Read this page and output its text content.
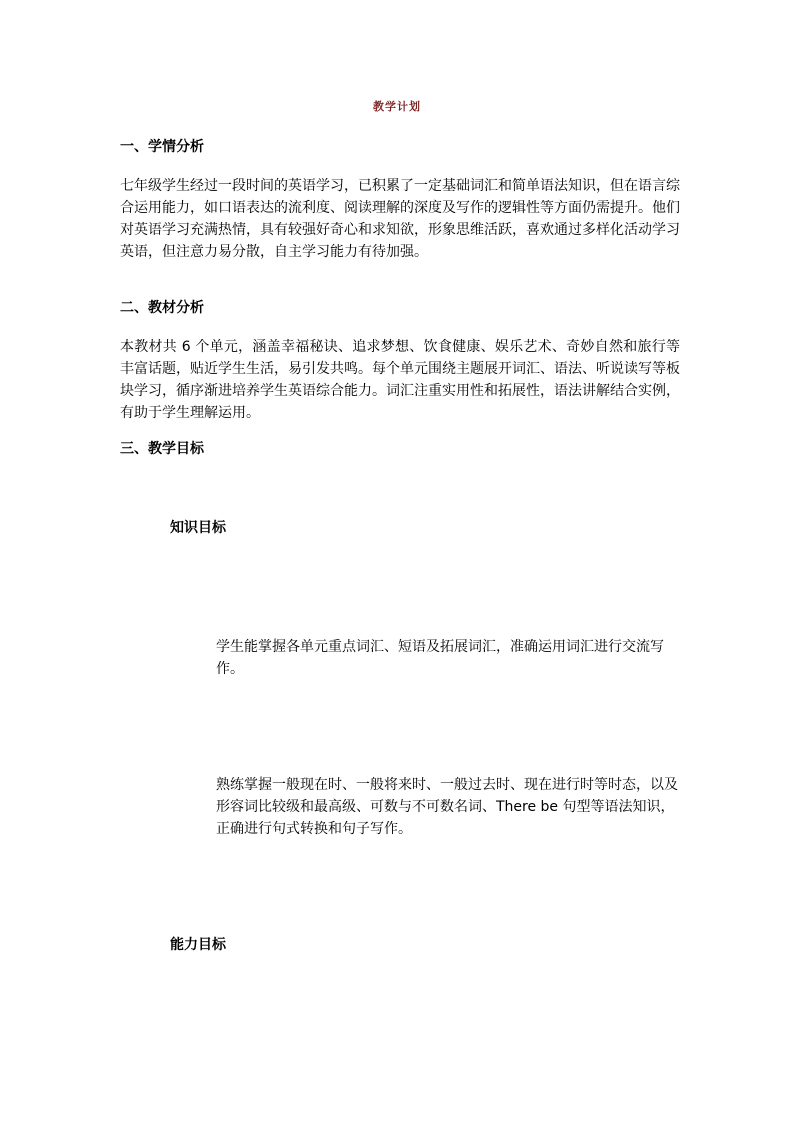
教学计划
一、学情分析

七年级学生经过一段时间的英语学习，已积累了一定基础词汇和简单语法知识，但在语言综合运用能力，如口语表达的流利度、阅读理解的深度及写作的逻辑性等方面仍需提升。他们对英语学习充满热情，具有较强好奇心和求知欲，形象思维活跃，喜欢通过多样化活动学习英语，但注意力易分散，自主学习能力有待加强。

二、教材分析

本教材共 6 个单元，涵盖幸福秘诀、追求梦想、饮食健康、娱乐艺术、奇妙自然和旅行等丰富话题，贴近学生生活，易引发共鸣。每个单元围绕主题展开词汇、语法、听说读写等板块学习，循序渐进培养学生英语综合能力。词汇注重实用性和拓展性，语法讲解结合实例，有助于学生理解运用。

三、教学目标
知识目标

学生能掌握各单元重点词汇、短语及拓展词汇，准确运用词汇进行交流写作。

熟练掌握一般现在时、一般将来时、一般过去时、现在进行时等时态，以及形容词比较级和最高级、可数与不可数名词、There be 句型等语法知识，正确进行句式转换和句子写作。

能力目标
